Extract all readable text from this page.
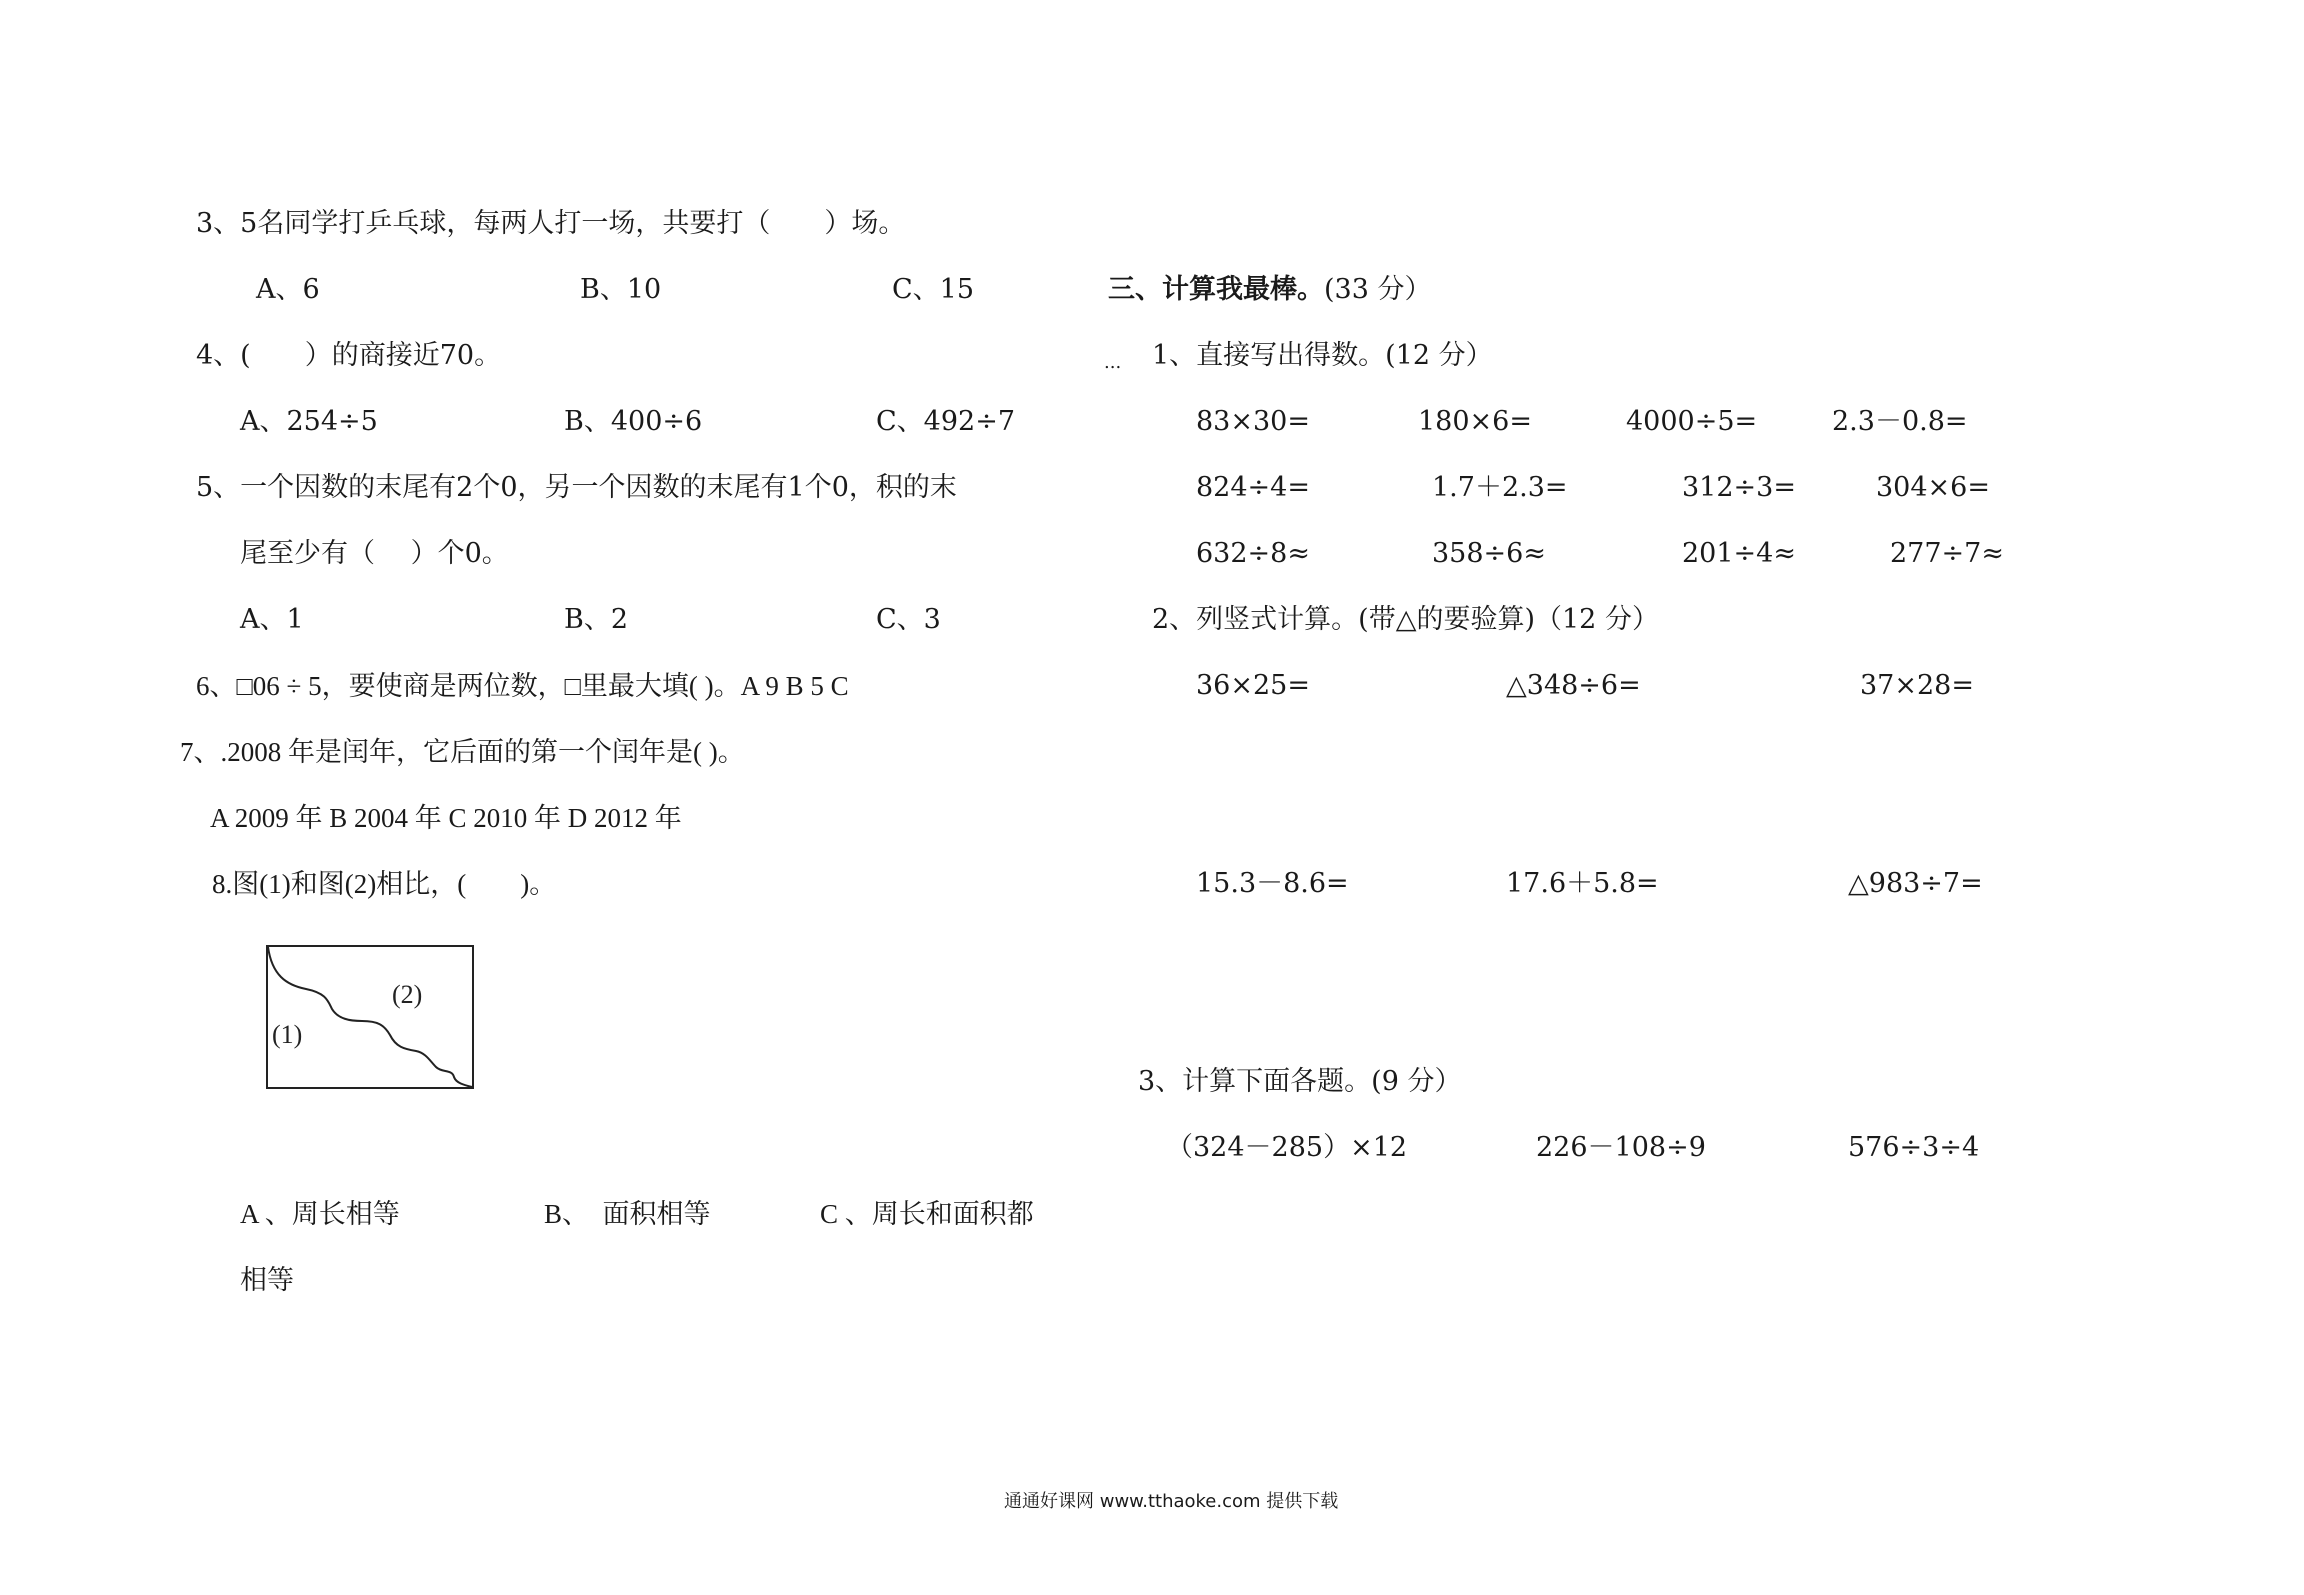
3、5名同学打乒乓球，每两人打一场，共要打（　　）场。
A、6	B、10	C、15
4、(　　）的商接近70。
A、254÷5	B、400÷6	C、492÷7
5、一个因数的末尾有2个0，另一个因数的末尾有1个0，积的末
尾至少有（　 ）个0。
A、1	B、2	C、3
6、□06 ÷ 5，要使商是两位数，□里最大填( )。A 9 B 5 C
7、.2008 年是闰年，它后面的第一个闰年是( )。
A 2009 年 B 2004 年 C 2010 年 D 2012 年
8.图(1)和图(2)相比，(　　)。
(1)
(2)
A 、周长相等	B、　面积相等	C 、周长和面积都
相等
三、计算我最棒。(33 分）
... 1、直接写出得数。(12 分）
83×30=	180×6=	4000÷5=	2.3－0.8=
824÷4=	1.7＋2.3=	312÷3=	304×6=
632÷8≈	358÷6≈	201÷4≈	277÷7≈
2、列竖式计算。(带△的要验算)（12 分）
36×25=	△348÷6=	37×28=
15.3－8.6=	17.6＋5.8=	△983÷7=
3、计算下面各题。(9 分）
（324－285）×12	226－108÷9	576÷3÷4
通通好课网 www.tthaoke.com 提供下载
